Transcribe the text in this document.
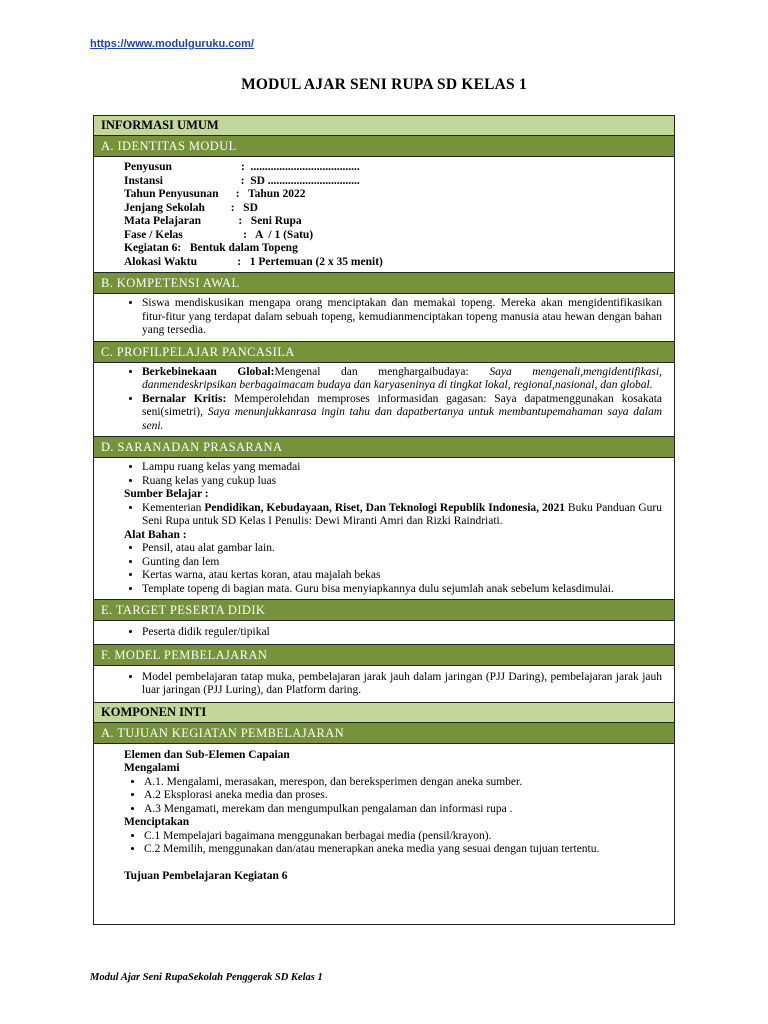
https://www.modulguruku.com/
MODUL AJAR SENI RUPA SD KELAS 1
INFORMASI UMUM
A. IDENTITAS MODUL
Penyusun :  ......................................
Instansi :  SD ................................
Tahun Penyusunan :   Tahun 2022
Jenjang Sekolah :   SD
Mata Pelajaran :   Seni Rupa
Fase / Kelas :   A  / 1 (Satu)
Kegiatan 6: Bentuk dalam Topeng
Alokasi Waktu :   1 Pertemuan (2 x 35 menit)
B. KOMPETENSI AWAL
• Siswa mendiskusikan mengapa orang menciptakan dan memakai topeng. Mereka akan mengidentifikasikan fitur-fitur yang terdapat dalam sebuah topeng, kemudianmenciptakan topeng manusia atau hewan dengan bahan yang tersedia.
C. PROFILPELAJAR PANCASILA
• Berkebinekaan Global:Mengenal dan menghargaibudaya: Saya mengenali,mengidentifikasi, danmendeskripsikan berbagaimacam budaya dan karyaseninya di tingkat lokal, regional,nasional, dan global.
• Bernalar Kritis: Memperolehdan memproses informasidan gagasan: Saya dapatmenggunakan kosakata seni(simetri), Saya menunjukkanrasa ingin tahu dan dapatbertanya untuk membantupemahaman saya dalam seni.
D. SARANADAN PRASARANA
• Lampu ruang kelas yang memadai
• Ruang kelas yang cukup luas
Sumber Belajar :
• Kementerian Pendidikan, Kebudayaan, Riset, Dan Teknologi Republik Indonesia, 2021 Buku Panduan Guru Seni Rupa untuk SD Kelas I Penulis: Dewi Miranti Amri dan Rizki Raindriati.
Alat Bahan :
• Pensil, atau alat gambar lain.
• Gunting dan lem
• Kertas warna, atau kertas koran, atau majalah bekas
• Template topeng di bagian mata. Guru bisa menyiapkannya dulu sejumlah anak sebelum kelasdimulai.
E. TARGET PESERTA DIDIK
• Peserta didik reguler/tipikal
F. MODEL PEMBELAJARAN
• Model pembelajaran tatap muka, pembelajaran jarak jauh dalam jaringan (PJJ Daring), pembelajaran jarak jauh luar jaringan (PJJ Luring), dan Platform daring.
KOMPONEN INTI
A. TUJUAN KEGIATAN PEMBELAJARAN
Elemen dan Sub-Elemen Capaian
Mengalami
• A.1. Mengalami, merasakan, merespon, dan bereksperimen dengan aneka sumber.
• A.2 Eksplorasi aneka media dan proses.
• A.3 Mengamati, merekam dan mengumpulkan pengalaman dan informasi rupa .
Menciptakan
• C.1 Mempelajari bagaimana menggunakan berbagai media (pensil/krayon).
• C.2 Memilih, menggunakan dan/atau menerapkan aneka media yang sesuai dengan tujuan tertentu.
Tujuan Pembelajaran Kegiatan 6
Modul Ajar Seni RupaSekolah Penggerak SD Kelas 1
